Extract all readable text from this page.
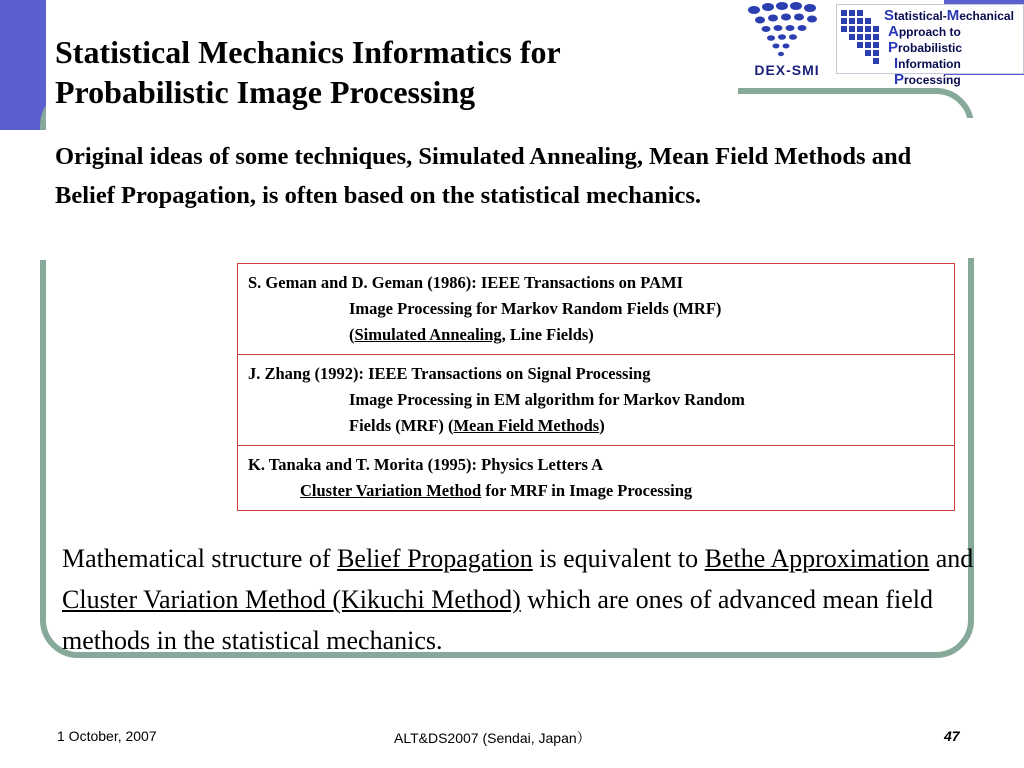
Statistical Mechanics Informatics for Probabilistic Image Processing
DEX-SMI
Statistical-Mechanical
Approach to Probabilistic
Information Processing

Original ideas of some techniques, Simulated Annealing, Mean Field Methods and Belief Propagation, is often based on the statistical mechanics.

S. Geman and D. Geman (1986): IEEE Transactions on PAMI
Image Processing for Markov Random Fields (MRF)
(Simulated Annealing, Line Fields)
J. Zhang (1992): IEEE Transactions on Signal Processing
Image Processing in EM algorithm for Markov Random
Fields (MRF) (Mean Field Methods)
K. Tanaka and T. Morita (1995): Physics Letters A
Cluster Variation Method for MRF in Image Processing

Mathematical structure of Belief Propagation is equivalent to Bethe Approximation and Cluster Variation Method (Kikuchi Method) which are ones of advanced mean field methods in the statistical mechanics.

1 October, 2007	ALT&DS2007 (Sendai, Japan）	47
